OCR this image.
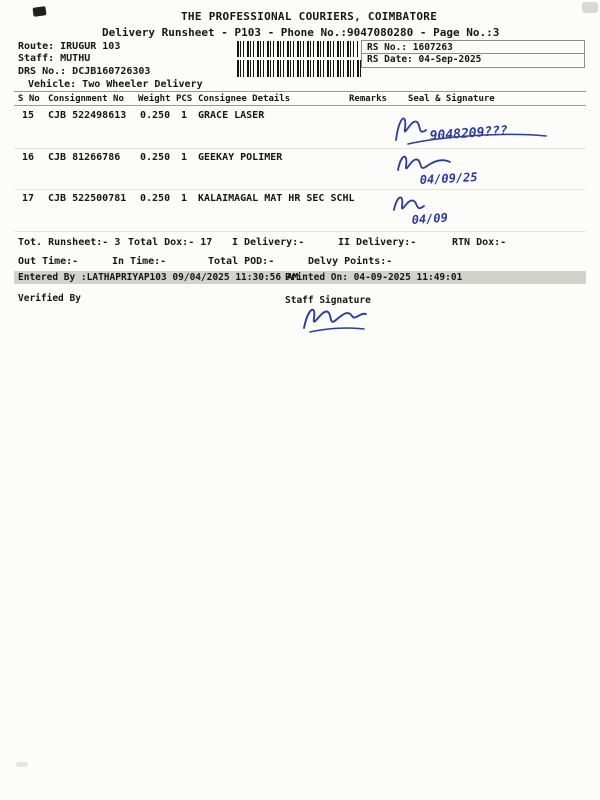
THE PROFESSIONAL COURIERS, COIMBATORE
Delivery Runsheet - P103 - Phone No.:9047080280 - Page No.:3
Route: IRUGUR 103
Staff: MUTHU
DRS No.: DCJB160726303
Vehicle: Two Wheeler Delivery
RS No.: 1607263
RS Date: 04-Sep-2025
S No Consignment No Weight PCS Consignee Details	Remarks Seal & Signature
15 CJB 522498613 0.250 1 GRACE LASER
9048209???
16 CJB 81266786 0.250 1 GEEKAY POLIMER
04/09/25
17 CJB 522500781 0.250 1 KALAIMAGAL MAT HR SEC SCHL
04/09
Tot. Runsheet:- 3 Total Dox:- 17 I Delivery:-	II Delivery:-	RTN Dox:-
Out Time:-	In Time:-	Total POD:-	Delvy Points:-
Entered By :LATHAPRIYAP103 09/04/2025 11:30:56 AM
Printed On: 04-09-2025 11:49:01
Verified By	Staff Signature
